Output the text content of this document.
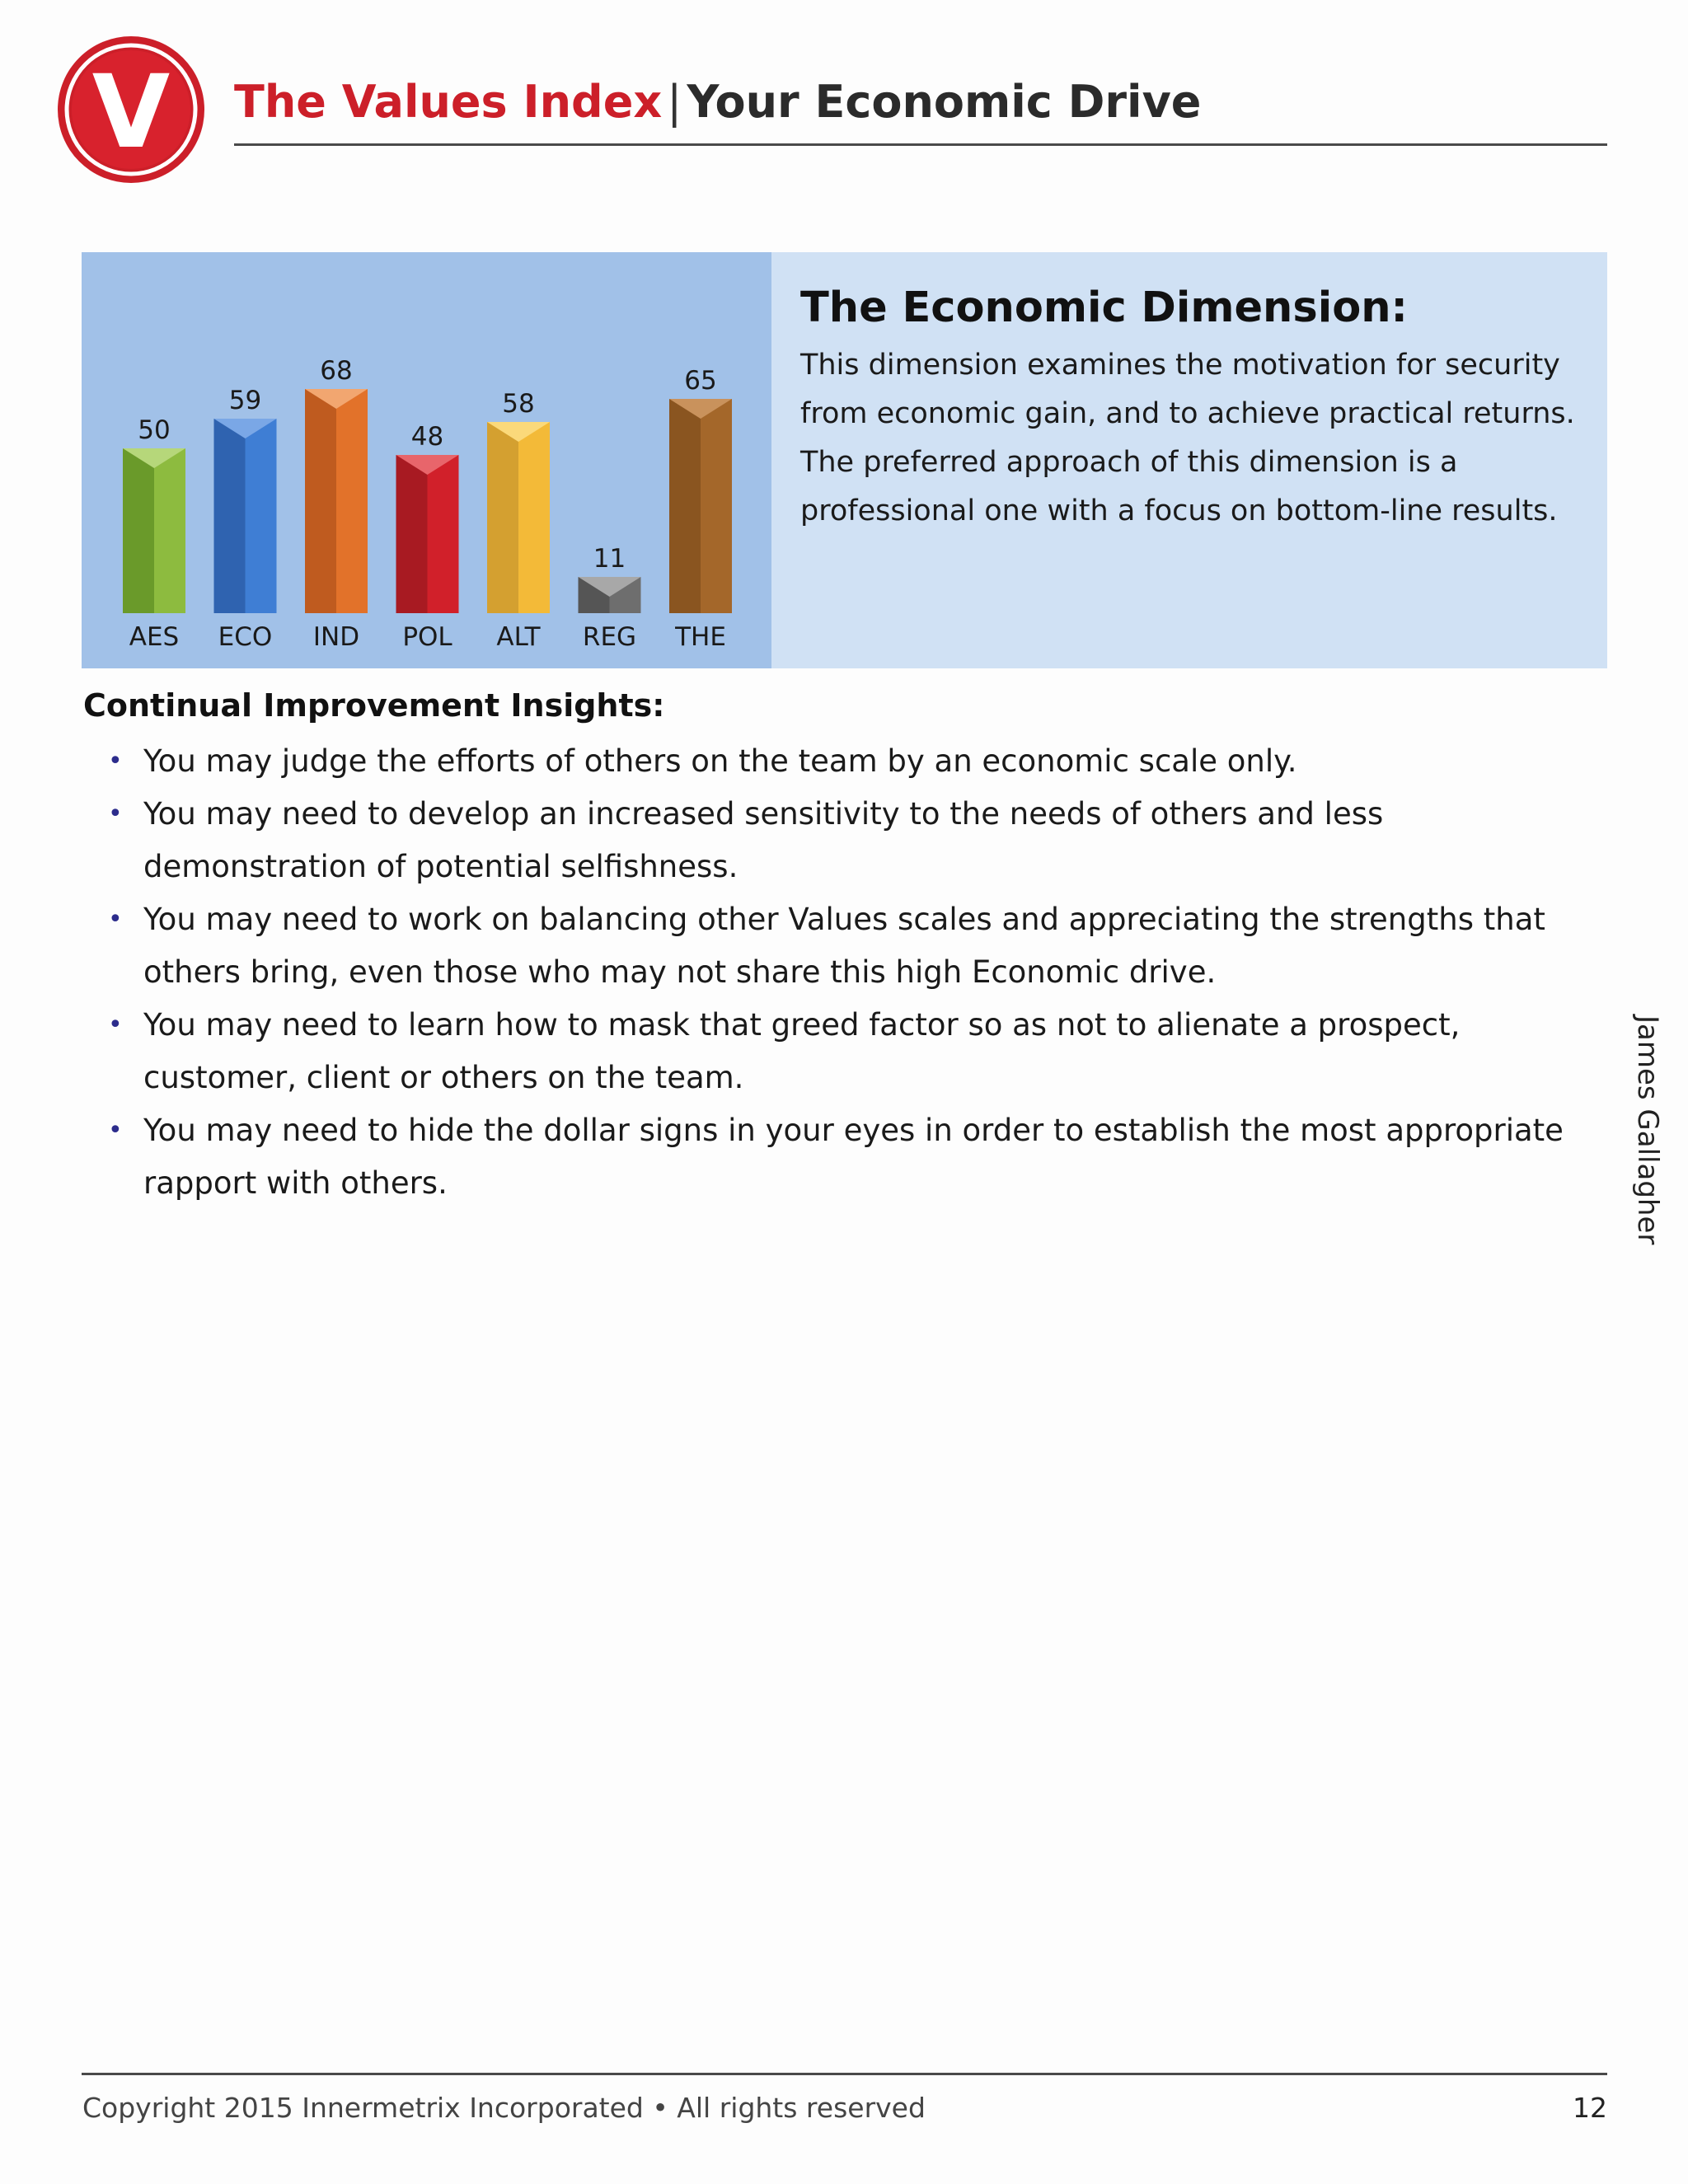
V The Values Index | Your Economic Drive
50
AES
59
ECO
68
IND
48
POL
58
ALT
11
REG
65
THE
The Economic Dimension:
This dimension examines the motivation for security from economic gain, and to achieve practical returns. The preferred approach of this dimension is a professional one with a focus on bottom-line results.
Continual Improvement Insights:
• You may judge the efforts of others on the team by an economic scale only.
• You may need to develop an increased sensitivity to the needs of others and less demonstration of potential selfishness.
• You may need to work on balancing other Values scales and appreciating the strengths that others bring, even those who may not share this high Economic drive.
• You may need to learn how to mask that greed factor so as not to alienate a prospect, customer, client or others on the team.
• You may need to hide the dollar signs in your eyes in order to establish the most appropriate rapport with others.	James Gallagher
Copyright 2015 Innermetrix Incorporated • All rights reserved	12
